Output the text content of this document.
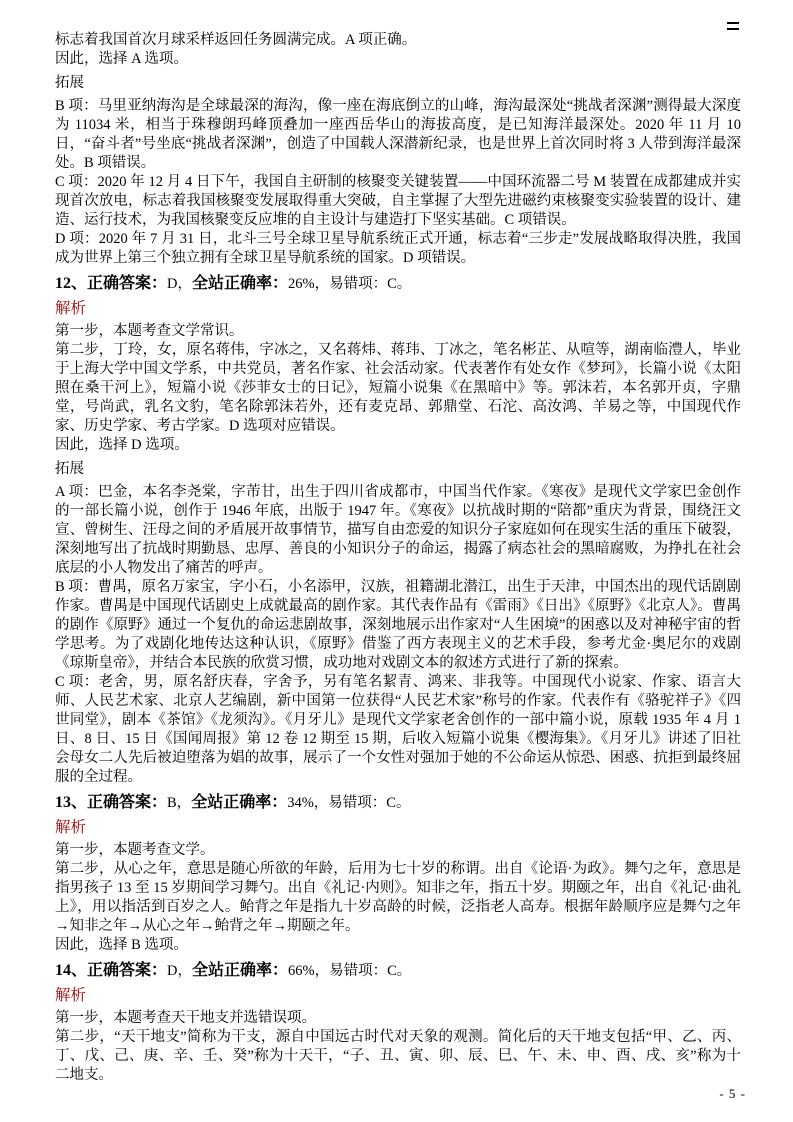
标志着我国首次月球采样返回任务圆满完成。A 项正确。

因此，选择 A 选项。

拓展

B 项：马里亚纳海沟是全球最深的海沟，像一座在海底倒立的山峰，海沟最深处“挑战者深渊”测得最大深度为 11034 米，相当于珠穆朗玛峰顶叠加一座西岳华山的海拔高度，是已知海洋最深处。2020 年 11 月 10 日，“奋斗者”号坐底“挑战者深渊”，创造了中国载人深潜新纪录，也是世界上首次同时将 3 人带到海洋最深处。B 项错误。

C 项：2020 年 12 月 4 日下午，我国自主研制的核聚变关键装置——中国环流器二号 M 装置在成都建成并实现首次放电，标志着我国核聚变发展取得重大突破，自主掌握了大型先进磁约束核聚变实验装置的设计、建造、运行技术，为我国核聚变反应堆的自主设计与建造打下坚实基础。C 项错误。

D 项：2020 年 7 月 31 日，北斗三号全球卫星导航系统正式开通，标志着“三步走”发展战略取得决胜，我国成为世界上第三个独立拥有全球卫星导航系统的国家。D 项错误。

12、正确答案：D，全站正确率：26%，易错项：C。

解析

第一步，本题考查文学常识。

第二步，丁玲，女，原名蒋伟，字冰之，又名蒋炜、蒋玮、丁冰之，笔名彬芷、从喧等，湖南临澧人，毕业于上海大学中国文学系，中共党员，著名作家、社会活动家。代表著作有处女作《梦珂》，长篇小说《太阳照在桑干河上》，短篇小说《莎菲女士的日记》，短篇小说集《在黑暗中》等。郭沫若，本名郭开贞，字鼎堂，号尚武，乳名文豹，笔名除郭沫若外，还有麦克昂、郭鼎堂、石沱、高汝鸿、羊易之等，中国现代作家、历史学家、考古学家。D 选项对应错误。

因此，选择 D 选项。

拓展

A 项：巴金，本名李尧棠，字芾甘，出生于四川省成都市，中国当代作家。《寒夜》是现代文学家巴金创作的一部长篇小说，创作于 1946 年底，出版于 1947 年。《寒夜》以抗战时期的“陪都”重庆为背景，围绕汪文宣、曾树生、汪母之间的矛盾展开故事情节，描写自由恋爱的知识分子家庭如何在现实生活的重压下破裂，深刻地写出了抗战时期勤恳、忠厚、善良的小知识分子的命运，揭露了病态社会的黑暗腐败，为挣扎在社会底层的小人物发出了痛苦的呼声。

B 项：曹禺，原名万家宝，字小石，小名添甲，汉族，祖籍湖北潜江，出生于天津，中国杰出的现代话剧剧作家。曹禺是中国现代话剧史上成就最高的剧作家。其代表作品有《雷雨》《日出》《原野》《北京人》。曹禺的剧作《原野》通过一个复仇的命运悲剧故事，深刻地展示出作家对“人生困境”的困惑以及对神秘宇宙的哲学思考。为了戏剧化地传达这种认识，《原野》借鉴了西方表现主义的艺术手段，参考尤金·奥尼尔的戏剧《琼斯皇帝》，并结合本民族的欣赏习惯，成功地对戏剧文本的叙述方式进行了新的探索。

C 项：老舍，男，原名舒庆春，字舍予，另有笔名絜青、鸿来、非我等。中国现代小说家、作家、语言大师、人民艺术家、北京人艺编剧，新中国第一位获得“人民艺术家”称号的作家。代表作有《骆驼祥子》《四世同堂》，剧本《茶馆》《龙须沟》。《月牙儿》是现代文学家老舍创作的一部中篇小说，原载 1935 年 4 月 1 日、8 日、15 日《国闻周报》第 12 卷 12 期至 15 期，后收入短篇小说集《樱海集》。《月牙儿》讲述了旧社会母女二人先后被迫堕落为娼的故事，展示了一个女性对强加于她的不公命运从惊恐、困惑、抗拒到最终屈服的全过程。

13、正确答案：B，全站正确率：34%，易错项：C。

解析

第一步，本题考查文学。

第二步，从心之年，意思是随心所欲的年龄，后用为七十岁的称谓。出自《论语·为政》。舞勺之年，意思是指男孩子 13 至 15 岁期间学习舞勺。出自《礼记·内则》。知非之年，指五十岁。期颐之年，出自《礼记·曲礼上》，用以指活到百岁之人。鲐背之年是指九十岁高龄的时候，泛指老人高寿。根据年龄顺序应是舞勺之年→知非之年→从心之年→鲐背之年→期颐之年。

因此，选择 B 选项。

14、正确答案：D，全站正确率：66%，易错项：C。

解析

第一步，本题考查天干地支并选错误项。

第二步，“天干地支”简称为干支，源自中国远古时代对天象的观测。简化后的天干地支包括“甲、乙、丙、丁、戊、己、庚、辛、壬、癸”称为十天干，“子、丑、寅、卯、辰、巳、午、未、申、酉、戌、亥”称为十二地支。

- 5 -
